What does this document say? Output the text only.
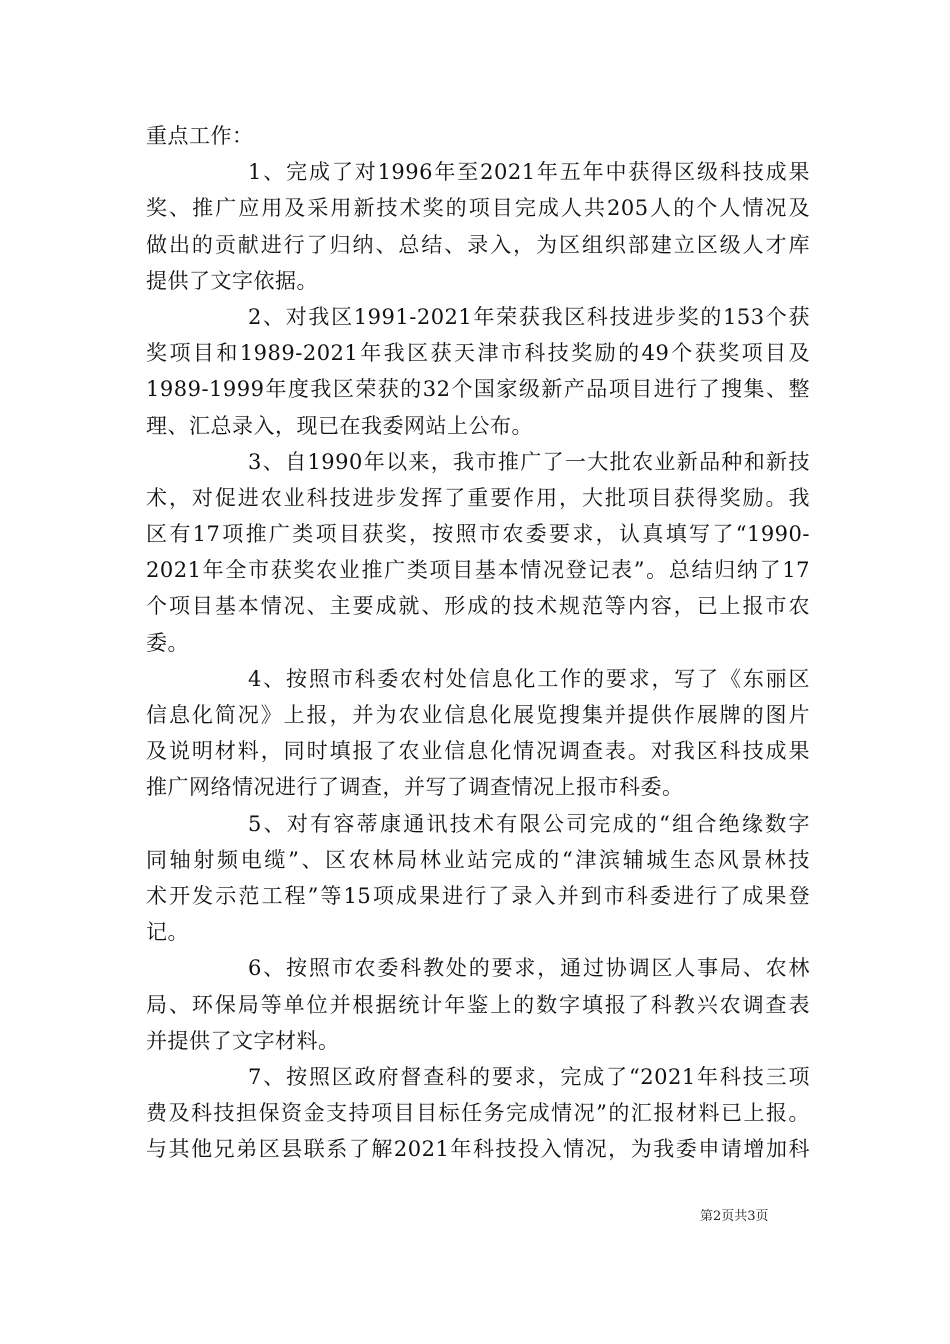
重点工作：
1、完成了对1996年至2021年五年中获得区级科技成果
奖、推广应用及采用新技术奖的项目完成人共205人的个人情况及
做出的贡献进行了归纳、总结、录入，为区组织部建立区级人才库
提供了文字依据。
2、对我区1991-2021年荣获我区科技进步奖的153个获
奖项目和1989-2021年我区获天津市科技奖励的49个获奖项目及
1989-1999年度我区荣获的32个国家级新产品项目进行了搜集、整
理、汇总录入，现已在我委网站上公布。
3、自1990年以来，我市推广了一大批农业新品种和新技
术，对促进农业科技进步发挥了重要作用，大批项目获得奖励。我
区有17项推广类项目获奖，按照市农委要求，认真填写了“1990-
2021年全市获奖农业推广类项目基本情况登记表”。总结归纳了17
个项目基本情况、主要成就、形成的技术规范等内容，已上报市农
委。
4、按照市科委农村处信息化工作的要求，写了《东丽区
信息化简况》上报，并为农业信息化展览搜集并提供作展牌的图片
及说明材料，同时填报了农业信息化情况调查表。对我区科技成果
推广网络情况进行了调查，并写了调查情况上报市科委。
5、对有容蒂康通讯技术有限公司完成的“组合绝缘数字
同轴射频电缆”、区农林局林业站完成的“津滨辅城生态风景林技
术开发示范工程”等15项成果进行了录入并到市科委进行了成果登
记。
6、按照市农委科教处的要求，通过协调区人事局、农林
局、环保局等单位并根据统计年鉴上的数字填报了科教兴农调查表
并提供了文字材料。
7、按照区政府督查科的要求，完成了“2021年科技三项
费及科技担保资金支持项目目标任务完成情况”的汇报材料已上报。
与其他兄弟区县联系了解2021年科技投入情况，为我委申请增加科
第2页共3页
